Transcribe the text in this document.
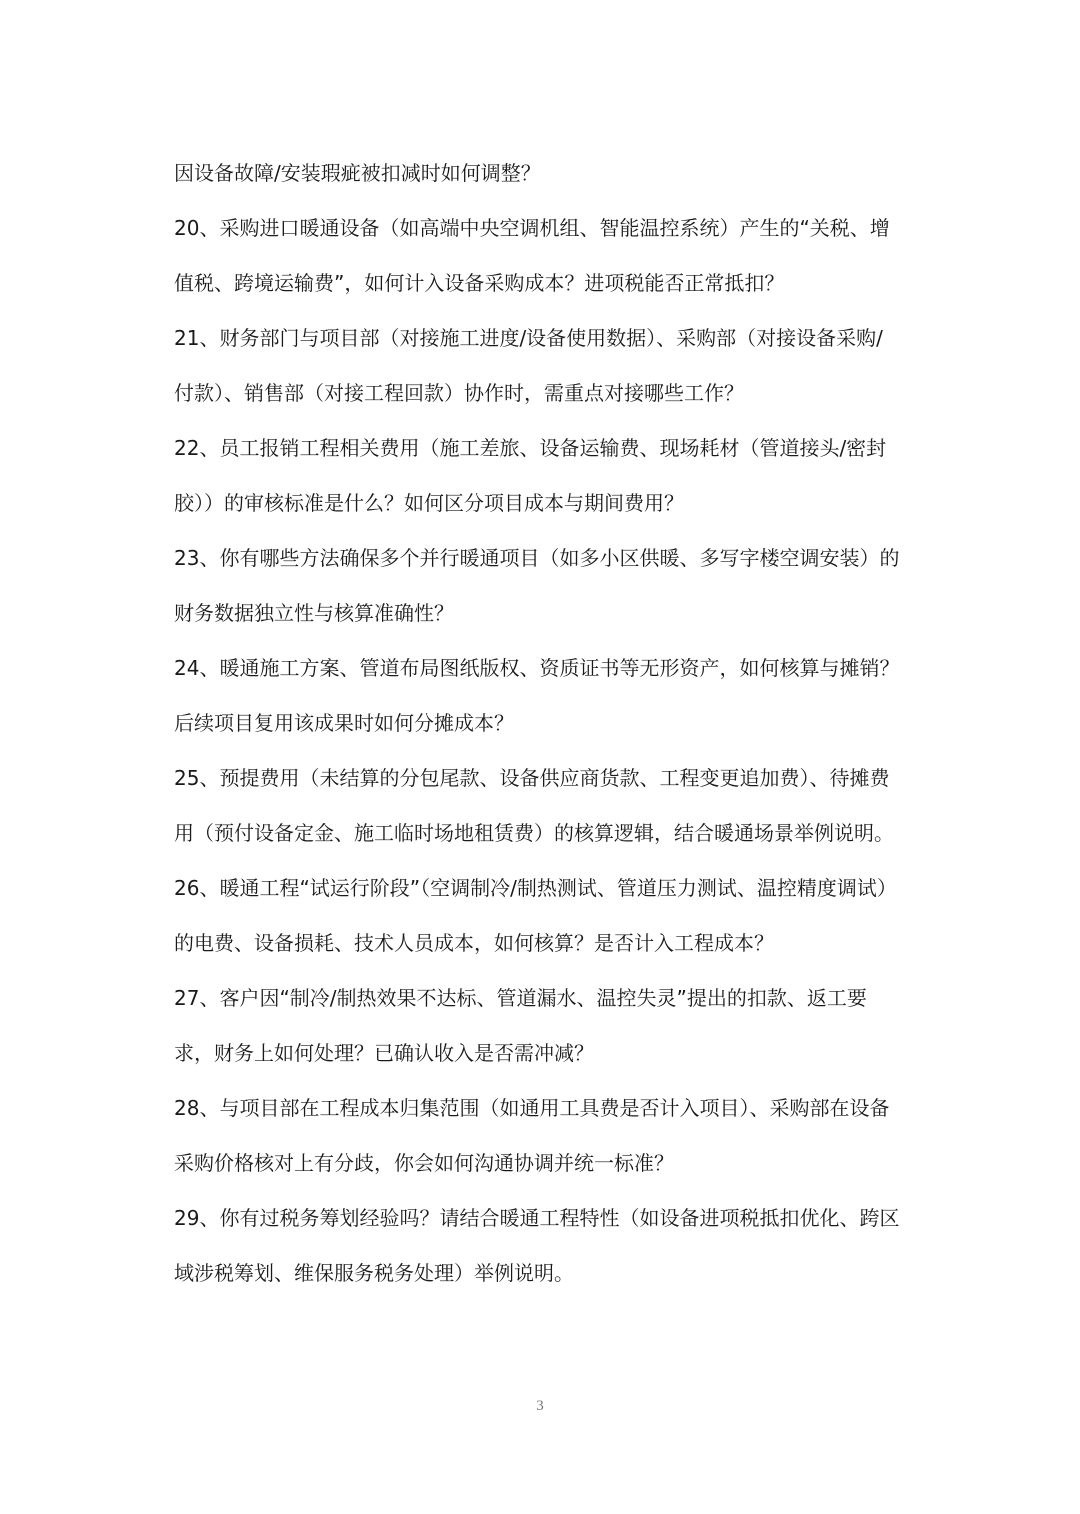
因设备故障/安装瑕疵被扣减时如何调整？

20、采购进口暖通设备（如高端中央空调机组、智能温控系统）产生的“关税、增值税、跨境运输费”，如何计入设备采购成本？进项税能否正常抵扣？

21、财务部门与项目部（对接施工进度/设备使用数据）、采购部（对接设备采购/付款）、销售部（对接工程回款）协作时，需重点对接哪些工作？

22、员工报销工程相关费用（施工差旅、设备运输费、现场耗材（管道接头/密封胶））的审核标准是什么？如何区分项目成本与期间费用？

23、你有哪些方法确保多个并行暖通项目（如多小区供暖、多写字楼空调安装）的财务数据独立性与核算准确性？

24、暖通施工方案、管道布局图纸版权、资质证书等无形资产，如何核算与摊销？后续项目复用该成果时如何分摊成本？

25、预提费用（未结算的分包尾款、设备供应商货款、工程变更追加费）、待摊费用（预付设备定金、施工临时场地租赁费）的核算逻辑，结合暖通场景举例说明。

26、暖通工程“试运行阶段”（空调制冷/制热测试、管道压力测试、温控精度调试）的电费、设备损耗、技术人员成本，如何核算？是否计入工程成本？

27、客户因“制冷/制热效果不达标、管道漏水、温控失灵”提出的扣款、返工要求，财务上如何处理？已确认收入是否需冲减？

28、与项目部在工程成本归集范围（如通用工具费是否计入项目）、采购部在设备采购价格核对上有分歧，你会如何沟通协调并统一标准？

29、你有过税务筹划经验吗？请结合暖通工程特性（如设备进项税抵扣优化、跨区域涉税筹划、维保服务税务处理）举例说明。

3
